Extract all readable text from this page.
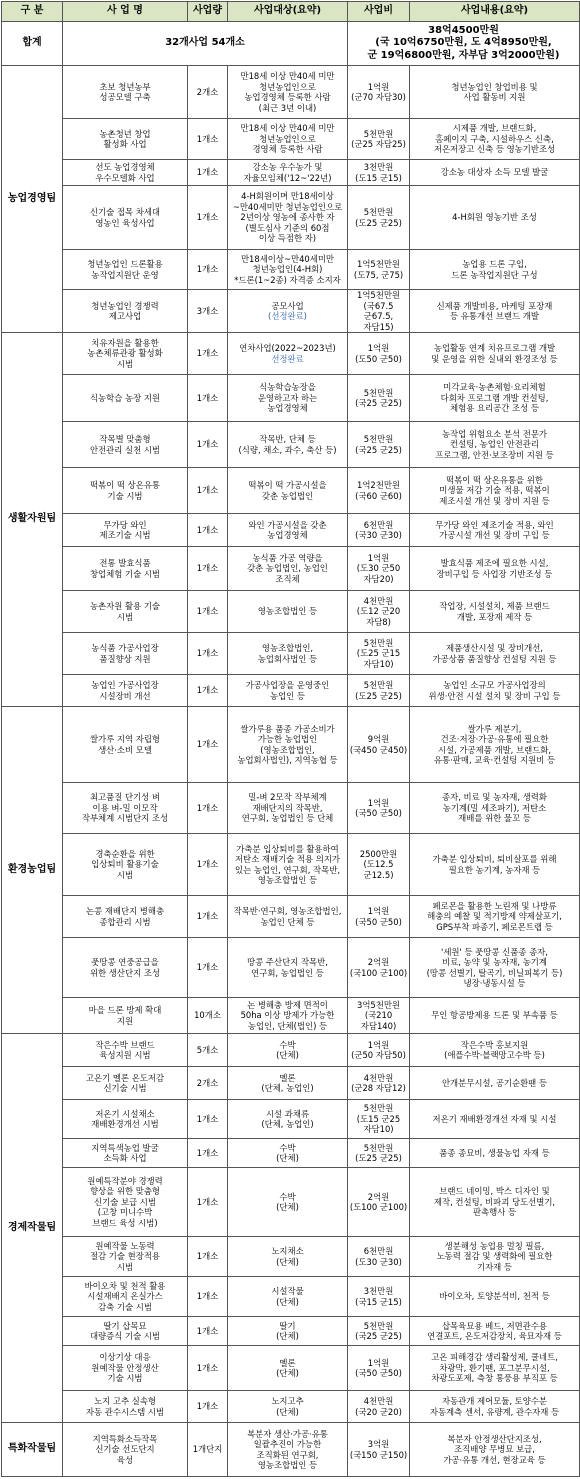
구 분	사 업 명	사업량	사업대상(요약)	사업비	사업내용(요약)
합계	32개사업 54개소			38억4500만원
(국 10억6750만원, 도 4억8950만원,
군 19억6800만원, 자부담 3억2000만원)	
농업경영팀	초보 청년농부
성공모델 구축	2개소	만18세 이상 만40세 미만
청년농업인으로
농업경영체 등록한 사람
(최근 3년 이내)	1억원
(군70 자담30)	청년농업인 창업비용 및
사업 활동비 지원
	농촌청년 창업
활성화 사업	1개소	만18세 이상 만40세 미만
청년농업인으로
경영체 등록한 사람	5천만원
(군25 자담25)	시제품 개발, 브랜드화,
홈페이지 구축, 시설하우스 신축,
저온저장고 신축 등 영농기반조성
	선도 농업경영체
우수모델화 사업	1개소	강소농 우수농가 및
자율모임체('12~'22년)	3천만원
(도15 군15)	강소농 대상자 소득 모델 발굴
	신기술 접목 차세대
영농인 육성사업	1개소	4-H회원이며 만18세이상
~만40세미만 청년농업인으로
2년이상 영농에 종사한 자
(별도심사 기준의 60점
이상 득점한 자)	5천만원
(도25 군25)	4-H회원 영농기반 조성
	청년농업인 드론활용
농작업지원단 운영	1개소	만18세이상~만40세미만
청년농업인(4-H회)
*드론(1~2종) 자격증 소지자	1억5천만원
(도75, 군75)	농업용 드론 구입,
드론 농작업지원단 구성
	청년농업인 경쟁력
제고사업	3개소	공모사업
(선정완료)	1억5천만원
(국67.5 군67.5,
자담15)	신제품 개발비용, 마케팅 포장재
등 유통개선 브랜드 개발
생활자원팀	치유자원을 활용한
농촌체류관광 활성화
시범	1개소	연차사업(2022~2023년)
선정완료	1억원
(도50 군50)	농업활동 연계 치유프로그램 개발
및 운영을 위한 실내외 환경조성 등
	식농학습 농장 지원	1개소	식농학습농장을
운영하고자 하는
농업경영체	5천만원
(국25 군25)	미각교육·농촌체험·요리체험
다회차 프로그램 개발 컨설팅,
체험용 요리공간 조성 등
	작목별 맞춤형
안전관리 실천 시범	1개소	작목반, 단체 등
(식량, 채소, 과수, 축산 등)	5천만원
(국25 군25)	농작업 위험요소 분석 전문가
컨설팅, 농업인 안전관리
프로그램, 안전·보조장비 지원 등
	떡볶이 떡 상온유통
기술 시범	1개소	떡볶이 떡 가공시설을
갖춘 농업법인	1억2천만원
(국60 군60)	떡볶이 떡 상온유통을 위한
미생물 저감 기술 적용, 떡볶이
제조시설 개선 및 장비 지원 등
	무가당 와인
제조기술 시범	1개소	와인 가공시설을 갖춘
농업경영체	6천만원
(국30 군30)	무가당 와인 제조기술 적용, 와인
가공시설 개선 및 장비 구입 등
	전통 발효식품
창업체험 기술 시범	1개소	농식품 가공 역량을
갖춘 농업법인, 농업인
조직체	1억원
(도30 군50
자담20)	발효식품 제조에 필요한 시설,
장비구입 등 사업장 기반조성 등
	농촌자원 활용 기술
시범	1개소	영농조합법인 등	4천만원
(도12 군20
자담8)	작업장, 시설설치, 제품 브랜드
개발, 포장재 제작 등
	농식품 가공사업장
품질향상 지원	1개소	영농조합법인,
농업회사법인 등	5천만원
(도25 군15
자담10)	제품생산시설 및 장비개선,
가공상품 품질향상 컨설팅 지원 등
	농업인 가공사업장
시설장비 개선	1개소	가공사업장을 운영중인
농업인 등	5천만원
(도25 군25)	농업인 소규모 가공사업장의
위생·안전 시설 설치 및 장비 구입 등
환경농업팀	쌀가루 지역 자립형
생산·소비 모델	1개소	쌀가루용 품종 가공소비가
가능한 농업법인
(영농조합법인,
농업회사법인), 지역농협 등	9억원
(국450 군450)	쌀가루 제분기,
건조·저장·가공·유통에 필요한
시설, 가공제품 개발, 브랜드화,
유통·판매, 교육·컨설팅 지원비 등
	최고품질 단기성 벼
이용 벼-밀 이모작
작부체계 시범단지 조성	1개소	밀-벼 2모작 작부체계
재배단지의 작목반,
연구회, 농업법인 등 단체	1억원
(국50 군50)	종자, 비료 및 농자재, 생력화
농기계(밀 세조파기), 저탄소
재배를 위한 물꼬 등
	경축순환을 위한
입상퇴비 활용기술
시범	1개소	가축분 입상퇴비를 활용하여
저탄소 재배기술 적용 의지가
있는 농업인, 연구회, 작목반,
영농조합법인 등	2500만원
(도12.5 군12.5)	가축분 입상퇴비, 퇴비살포를 위해
필요한 농기계, 농자재 등
	논콩 재배단지 병해충
종합관리 시범	1개소	작목반·연구회, 영농조합법인,
농업인 단체 등	1억원
(국50 군50)	페로몬을 활용한 노린재 및 나방류
해충의 예찰 및 적기방제 약제살포기,
GPS부착 파종기, 페로몬트랩 등
	풋땅콩 연중공급을
위한 생산단지 조성	1개소	땅콩 주산단지 작목반,
연구회, 농업법인 등	2억원
(국100 군100)	'세원' 등 풋땅콩 신품종 종자,
비료, 농약 및 농자재, 농기계
(땅콩 선별기, 탈곡기, 비닐피복기 등)
냉장·냉동시설 등
	마을 드론 방제 확대
지원	10개소	논 병해충 방제 면적이
50ha 이상 방제가 가능한
농업인, 단체(법인) 등	3억5천만원
(국210 자담140)	무인 항공방제용 드론 및 부속품 등
경제작물팀	작은수박 브랜드
육성지원 시범	5개소	수박
(단체)	1억원
(군50 자담50)	작은수박 홍보지원
(애플수박·블랙망고수박 등)
	고온기 멜론 온도저감
신기술 시범	2개소	멜론
(단체, 농업인)	4천만원
(군28 자담12)	안개분무시설, 공기순환팬 등
	저온기 시설채소
재배환경개선 시범	1개소	시설 과채류
(단체, 농업인)	5천만원
(도15 군25
자담10)	저온기 재배환경개선 자재 및 시설
	지역특색농업 발굴
소득화 사업	1개소	수박
(단체)	5천만원
(도25 군25)	품종 종묘비, 생물농업 자재 등
	원예특작분야 경쟁력
향상을 위한 맞춤형
신기술 보급 시범
(고창 미니수박
브랜드 육성 시범)	1개소	수박
(단체)	2억원
(도100 군100)	브랜드 네이밍, 박스 디자인 및
제작, 컨설팅, 비파괴 당도선별기,
판촉행사 등
	원예작물 노동력
절감 기술 현장적용
시범	1개소	노지채소
(단체)	6천만원
(도30 군30)	생분해성 농업용 멀칭 필름,
노동력 절감 및 생력화에 필요한
기자재 등
	바이오차 및 천적 활용
시설재배지 온실가스
감축 기술 시범	1개소	시설작물
(단체)	3천만원
(국15 군15)	바이오차, 토양분석비, 천적 등
	딸기 삽목묘
대량증식 기술 시범	1개소	딸기
(단체)	5천만원
(국25 군25)	삽목육묘용 베드, 저면관수용
연결포트, 온도저감장치, 육묘자재 등
	이상기상 대응
원예작물 안정생산
기술 시범	1개소	멜론
(단체)	1억원
(국50 군50)	고온 피해경감 생리활성제, 쿨네트,
차광막, 환기팬, 포그분무시설,
차광도포제, 측창 통풍용 부직포 등
	노지 고추 실속형
자동 관수시스템 시범	1개소	노지고추
(단체)	4천만원
(국20 군20)	자동관개 제어모듈, 토양수분
자동계측 센서, 유량계, 관수자재 등
특화작물팀	지역특화소득작목
신기술 선도단지
육성	1개단지	복분자 생산·가공·유통
일괄추진이 가능한
조직화된 연구회,
영농조합법인 등	3억원
(국150 군150)	복분자 안정생산단지조성,
조직배양 무병묘 보급,
가공·유통 개선, 현장교육 등
